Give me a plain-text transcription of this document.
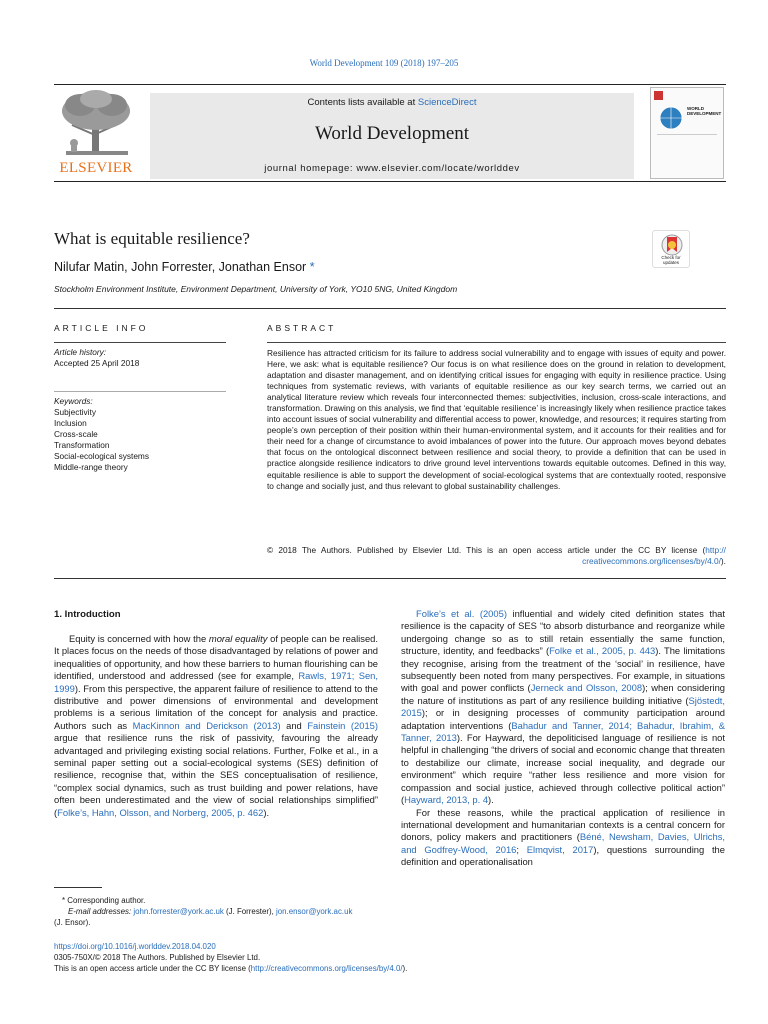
World Development 109 (2018) 197–205
ELSEVIER
Contents lists available at ScienceDirect
World Development
journal homepage: www.elsevier.com/locate/worlddev
WORLD DEVELOPMENT
What is equitable resilience?
Nilufar Matin, John Forrester, Jonathan Ensor *
Stockholm Environment Institute, Environment Department, University of York, YO10 5NG, United Kingdom
Check for updates
ARTICLE INFO	ABSTRACT
Article history:
Accepted 25 April 2018
Keywords:
Subjectivity
Inclusion
Cross-scale
Transformation
Social-ecological systems
Middle-range theory
Resilience has attracted criticism for its failure to address social vulnerability and to engage with issues of equity and power. Here, we ask: what is equitable resilience? Our focus is on what resilience does on the ground in relation to development, adaptation and disaster management, and on identifying critical issues for engaging with equity in resilience practice. Using techniques from systematic reviews, with variants of equitable resilience as our key search terms, we carried out an analytical literature review which reveals four interconnected themes: subjectivities, inclusion, cross-scale interactions, and transformation. Drawing on this analysis, we find that ‘equitable resilience’ is increasingly likely when resilience practice takes into account issues of social vulnerability and differential access to power, knowledge, and resources; it requires starting from people’s own perception of their position within their human-environmental system, and it accounts for their realities and for their need for a change of circumstance to avoid imbalances of power into the future. Our approach moves beyond debates that focus on the ontological disconnect between resilience and social theory, to provide a definition that can be used in practice alongside resilience indicators to drive ground level interventions towards equitable outcomes. Defined in this way, equitable resilience is able to support the development of social-ecological systems that are contextually rooted, responsive to change and socially just, and thus relevant to global sustainability challenges.
© 2018 The Authors. Published by Elsevier Ltd. This is an open access article under the CC BY license (http://
creativecommons.org/licenses/by/4.0/).
1. Introduction
Equity is concerned with how the moral equality of people can be realised. It places focus on the needs of those disadvantaged by relations of power and inequalities of opportunity, and how these barriers to human flourishing can be identified, understood and addressed (see for example, Rawls, 1971; Sen, 1999). From this perspective, the apparent failure of resilience to attend to the distributive and power dimensions of environmental and development problems is a serious limitation of the concept for analysis and practice. Authors such as MacKinnon and Derickson (2013) and Fainstein (2015) argue that resilience runs the risk of passivity, favouring the already advantaged and privileging existing social relations. Further, Folke et al., in a seminal paper setting out a social-ecological systems (SES) definition of resilience, recognise that, within the SES conceptualisation of resilience, “complex social dynamics, such as trust building and power relations, have often been underestimated and the view of social relationships simplified” (Folke’s, Hahn, Olsson, and Norberg, 2005, p. 462).

Folke’s et al. (2005) influential and widely cited definition states that resilience is the capacity of SES “to absorb disturbance and reorganize while undergoing change so as to still retain essentially the same function, structure, identity, and feedbacks” (Folke et al., 2005, p. 443). The limitations they recognise, arising from the treatment of the ‘social’ in resilience, have subsequently been noted from many perspectives. For example, in situations with goal and power conflicts (Jerneck and Olsson, 2008); when considering the nature of institutions as part of any resilience building initiative (Sjöstedt, 2015); or in designing processes of community participation around adaptation interventions (Bahadur and Tanner, 2014; Bahadur, Ibrahim, & Tanner, 2013). For Hayward, the depoliticised language of resilience is not helpful in challenging “the drivers of social and economic change that threaten to destabilize our climate, increase social inequality, and degrade our environment” which require “rather less resilience and more vision for compassion and social justice, achieved through collective political action” (Hayward, 2013, p. 4).

For these reasons, while the practical application of resilience in international development and humanitarian contexts is a central concern for donors, policy makers and practitioners (Béné, Newsham, Davies, Ulrichs, and Godfrey-Wood, 2016; Elmqvist, 2017), questions surrounding the definition and operationalisation

* Corresponding author.
E-mail addresses: john.forrester@york.ac.uk (J. Forrester), jon.ensor@york.ac.uk
(J. Ensor).
https://doi.org/10.1016/j.worlddev.2018.04.020
0305-750X/© 2018 The Authors. Published by Elsevier Ltd.
This is an open access article under the CC BY license (http://creativecommons.org/licenses/by/4.0/).
